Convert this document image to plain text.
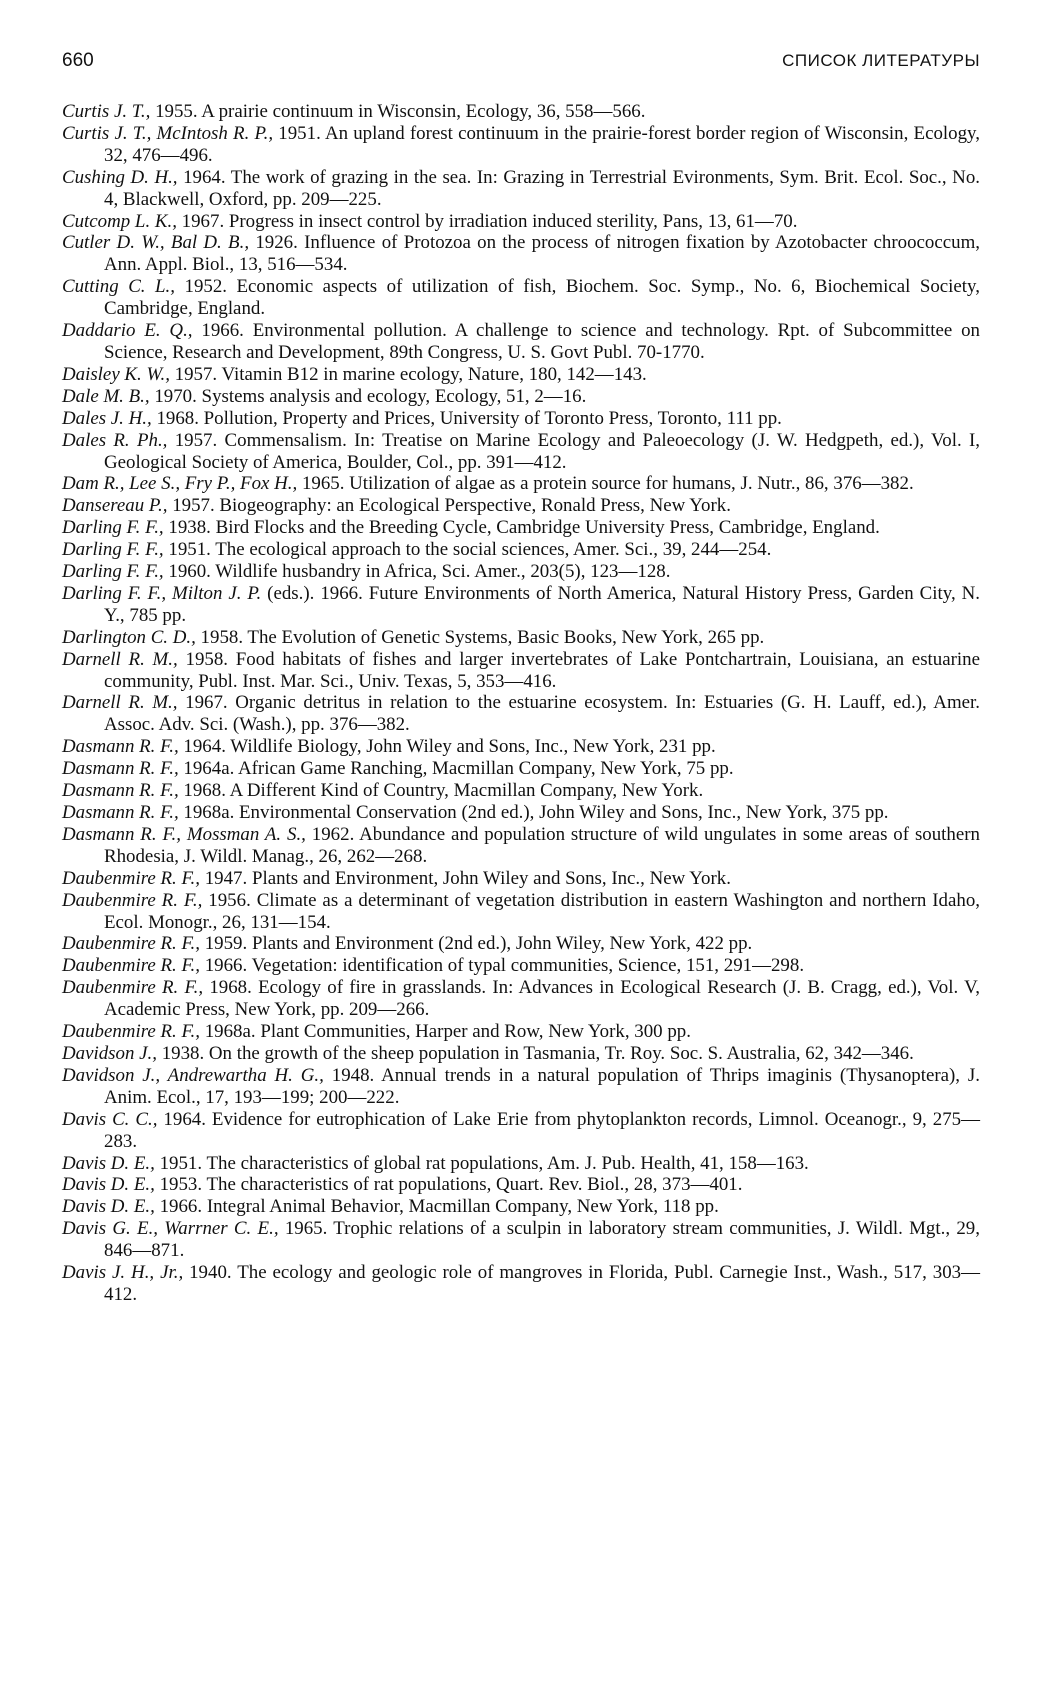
660	СПИСОК ЛИТЕРАТУРЫ

Curtis J. T., 1955. A prairie continuum in Wisconsin, Ecology, 36, 558—566.

Curtis J. T., McIntosh R. P., 1951. An upland forest continuum in the prairie-forest border region of Wisconsin, Ecology, 32, 476—496.

Cushing D. H., 1964. The work of grazing in the sea. In: Grazing in Terrestrial Evironments, Sym. Brit. Ecol. Soc., No. 4, Blackwell, Oxford, pp. 209—225.

Cutcomp L. K., 1967. Progress in insect control by irradiation induced sterility, Pans, 13, 61—70.

Cutler D. W., Bal D. B., 1926. Influence of Protozoa on the process of nitrogen fixation by Azotobacter chroococcum, Ann. Appl. Biol., 13, 516—534.

Cutting C. L., 1952. Economic aspects of utilization of fish, Biochem. Soc. Symp., No. 6, Biochemical Society, Cambridge, England.

Daddario E. Q., 1966. Environmental pollution. A challenge to science and technology. Rpt. of Subcommittee on Science, Research and Development, 89th Congress, U. S. Govt Publ. 70-1770.

Daisley K. W., 1957. Vitamin B12 in marine ecology, Nature, 180, 142—143.

Dale M. B., 1970. Systems analysis and ecology, Ecology, 51, 2—16.

Dales J. H., 1968. Pollution, Property and Prices, University of Toronto Press, Toronto, 111 pp.

Dales R. Ph., 1957. Commensalism. In: Treatise on Marine Ecology and Paleoecology (J. W. Hedgpeth, ed.), Vol. I, Geological Society of America, Boulder, Col., pp. 391—412.

Dam R., Lee S., Fry P., Fox H., 1965. Utilization of algae as a protein source for humans, J. Nutr., 86, 376—382.

Dansereau P., 1957. Biogeography: an Ecological Perspective, Ronald Press, New York.

Darling F. F., 1938. Bird Flocks and the Breeding Cycle, Cambridge University Press, Cambridge, England.

Darling F. F., 1951. The ecological approach to the social sciences, Amer. Sci., 39, 244—254.

Darling F. F., 1960. Wildlife husbandry in Africa, Sci. Amer., 203(5), 123—128.

Darling F. F., Milton J. P. (eds.). 1966. Future Environments of North America, Natural History Press, Garden City, N. Y., 785 pp.

Darlington C. D., 1958. The Evolution of Genetic Systems, Basic Books, New York, 265 pp.

Darnell R. M., 1958. Food habitats of fishes and larger invertebrates of Lake Pontchartrain, Louisiana, an estuarine community, Publ. Inst. Mar. Sci., Univ. Texas, 5, 353—416.

Darnell R. M., 1967. Organic detritus in relation to the estuarine ecosystem. In: Estuaries (G. H. Lauff, ed.), Amer. Assoc. Adv. Sci. (Wash.), pp. 376—382.

Dasmann R. F., 1964. Wildlife Biology, John Wiley and Sons, Inc., New York, 231 pp.

Dasmann R. F., 1964a. African Game Ranching, Macmillan Company, New York, 75 pp.

Dasmann R. F., 1968. A Different Kind of Country, Macmillan Company, New York.

Dasmann R. F., 1968a. Environmental Conservation (2nd ed.), John Wiley and Sons, Inc., New York, 375 pp.

Dasmann R. F., Mossman A. S., 1962. Abundance and population structure of wild ungulates in some areas of southern Rhodesia, J. Wildl. Manag., 26, 262—268.

Daubenmire R. F., 1947. Plants and Environment, John Wiley and Sons, Inc., New York.

Daubenmire R. F., 1956. Climate as a determinant of vegetation distribution in eastern Washington and northern Idaho, Ecol. Monogr., 26, 131—154.

Daubenmire R. F., 1959. Plants and Environment (2nd ed.), John Wiley, New York, 422 pp.

Daubenmire R. F., 1966. Vegetation: identification of typal communities, Science, 151, 291—298.

Daubenmire R. F., 1968. Ecology of fire in grasslands. In: Advances in Ecological Research (J. B. Cragg, ed.), Vol. V, Academic Press, New York, pp. 209—266.

Daubenmire R. F., 1968a. Plant Communities, Harper and Row, New York, 300 pp.

Davidson J., 1938. On the growth of the sheep population in Tasmania, Tr. Roy. Soc. S. Australia, 62, 342—346.

Davidson J., Andrewartha H. G., 1948. Annual trends in a natural population of Thrips imaginis (Thysanoptera), J. Anim. Ecol., 17, 193—199; 200—222.

Davis C. C., 1964. Evidence for eutrophication of Lake Erie from phytoplankton records, Limnol. Oceanogr., 9, 275—283.

Davis D. E., 1951. The characteristics of global rat populations, Am. J. Pub. Health, 41, 158—163.

Davis D. E., 1953. The characteristics of rat populations, Quart. Rev. Biol., 28, 373—401.

Davis D. E., 1966. Integral Animal Behavior, Macmillan Company, New York, 118 pp.

Davis G. E., Warrner C. E., 1965. Trophic relations of a sculpin in laboratory stream communities, J. Wildl. Mgt., 29, 846—871.

Davis J. H., Jr., 1940. The ecology and geologic role of mangroves in Florida, Publ. Carnegie Inst., Wash., 517, 303—412.
